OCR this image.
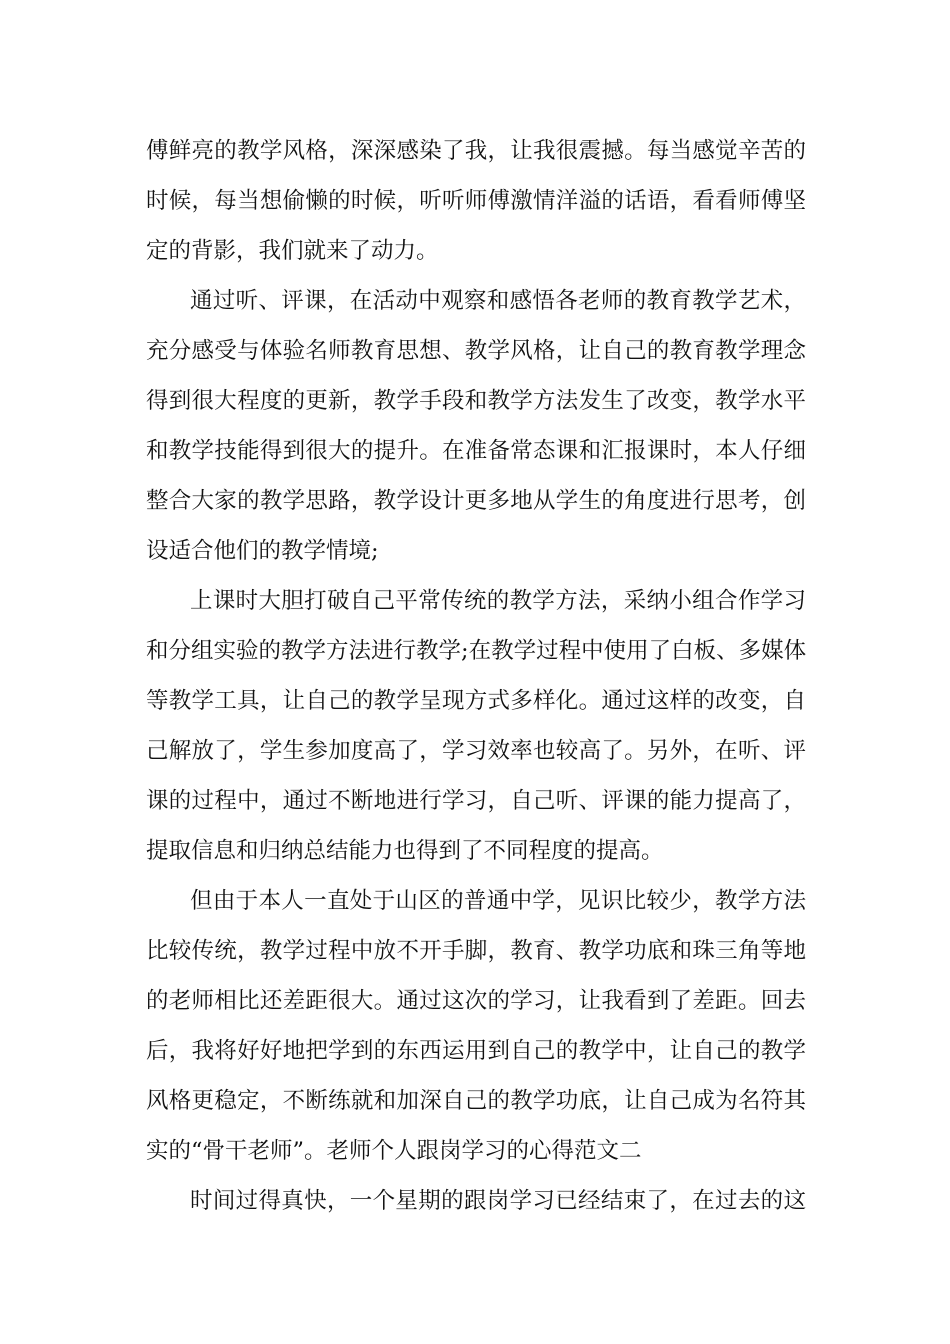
傅鲜亮的教学风格，深深感染了我，让我很震撼。每当感觉辛苦的
时候，每当想偷懒的时候，听听师傅激情洋溢的话语，看看师傅坚
定的背影，我们就来了动力。
通过听、评课，在活动中观察和感悟各老师的教育教学艺术，
充分感受与体验名师教育思想、教学风格，让自己的教育教学理念
得到很大程度的更新，教学手段和教学方法发生了改变，教学水平
和教学技能得到很大的提升。在准备常态课和汇报课时，本人仔细
整合大家的教学思路，教学设计更多地从学生的角度进行思考，创
设适合他们的教学情境;
上课时大胆打破自己平常传统的教学方法，采纳小组合作学习
和分组实验的教学方法进行教学;在教学过程中使用了白板、多媒体
等教学工具，让自己的教学呈现方式多样化。通过这样的改变，自
己解放了，学生参加度高了，学习效率也较高了。另外，在听、评
课的过程中，通过不断地进行学习，自己听、评课的能力提高了，
提取信息和归纳总结能力也得到了不同程度的提高。
但由于本人一直处于山区的普通中学，见识比较少，教学方法
比较传统，教学过程中放不开手脚，教育、教学功底和珠三角等地
的老师相比还差距很大。通过这次的学习，让我看到了差距。回去
后，我将好好地把学到的东西运用到自己的教学中，让自己的教学
风格更稳定，不断练就和加深自己的教学功底，让自己成为名符其
实的“骨干老师”。老师个人跟岗学习的心得范文二
时间过得真快，一个星期的跟岗学习已经结束了，在过去的这
